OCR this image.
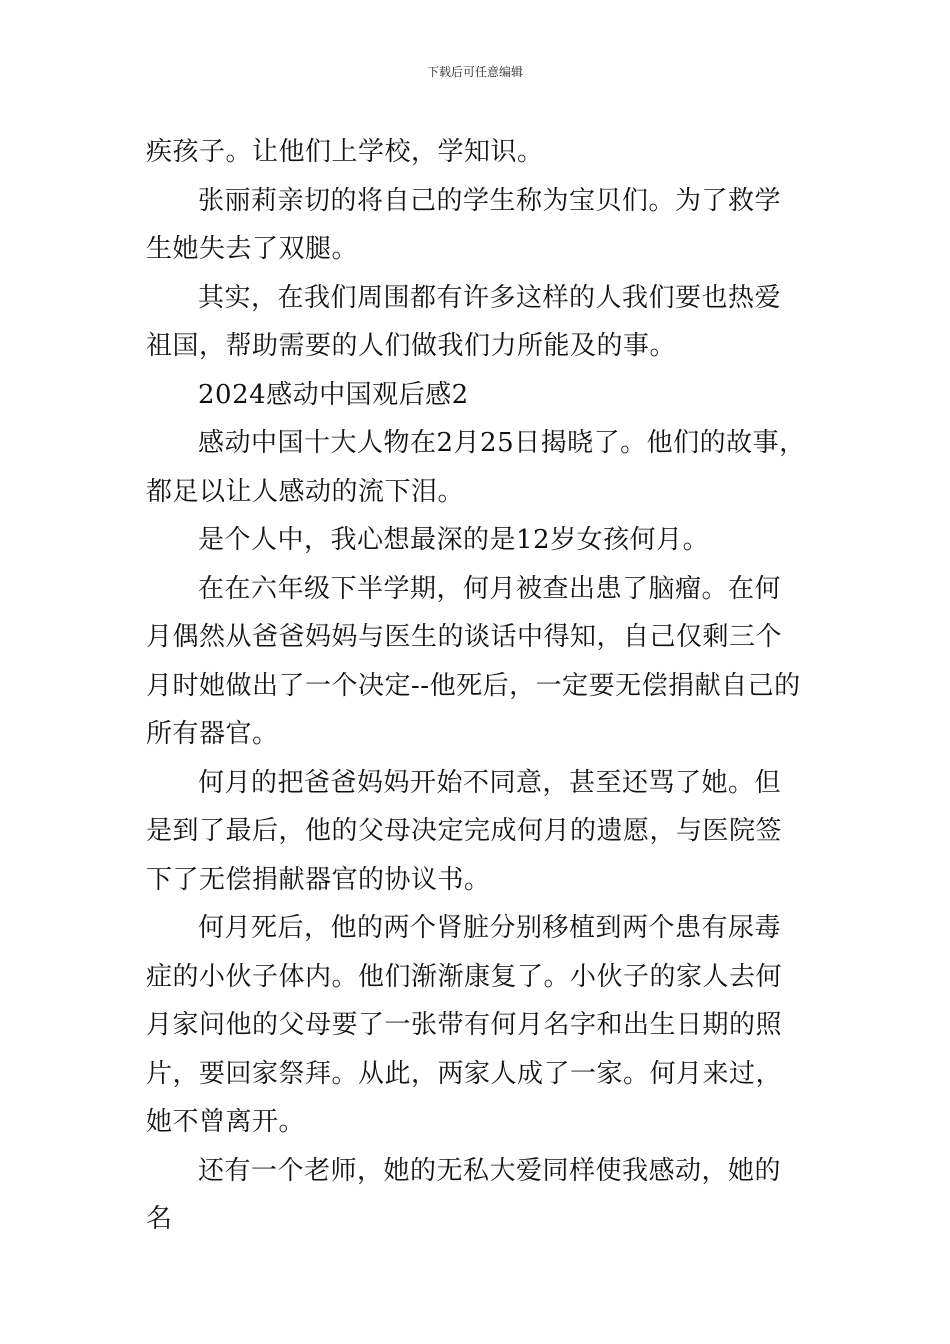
下载后可任意编辑

疾孩子。让他们上学校，学知识。

张丽莉亲切的将自己的学生称为宝贝们。为了救学生她失去了双腿。

其实，在我们周围都有许多这样的人我们要也热爱祖国，帮助需要的人们做我们力所能及的事。

2024感动中国观后感2

感动中国十大人物在2月25日揭晓了。他们的故事，都足以让人感动的流下泪。

是个人中，我心想最深的是12岁女孩何月。

在在六年级下半学期，何月被查出患了脑瘤。在何月偶然从爸爸妈妈与医生的谈话中得知，自己仅剩三个月时她做出了一个决定--他死后，一定要无偿捐献自己的所有器官。

何月的把爸爸妈妈开始不同意，甚至还骂了她。但是到了最后，他的父母决定完成何月的遗愿，与医院签下了无偿捐献器官的协议书。

何月死后，他的两个肾脏分别移植到两个患有尿毒症的小伙子体内。他们渐渐康复了。小伙子的家人去何月家问他的父母要了一张带有何月名字和出生日期的照片，要回家祭拜。从此，两家人成了一家。何月来过，她不曾离开。

还有一个老师，她的无私大爱同样使我感动，她的名
